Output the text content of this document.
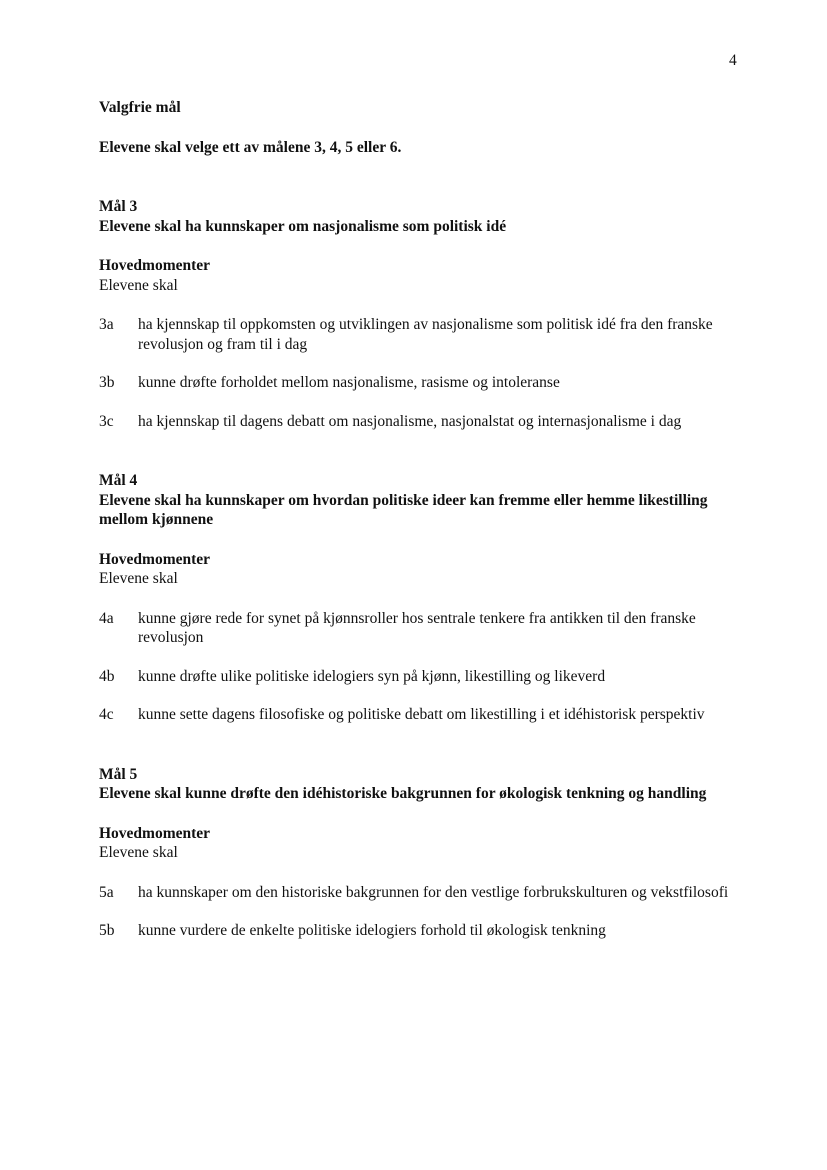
4

Valgfrie mål

Elevene skal velge ett av målene 3, 4, 5 eller 6.

Mål 3

Elevene skal ha kunnskaper om nasjonalisme som politisk idé

Hovedmomenter

Elevene skal

3a	ha kjennskap til oppkomsten og utviklingen av nasjonalisme som politisk idé fra den franske revolusjon og fram til i dag
3b	kunne drøfte forholdet mellom nasjonalisme, rasisme og intoleranse
3c	ha kjennskap til dagens debatt om nasjonalisme, nasjonalstat og internasjonalisme i dag

Mål 4

Elevene skal ha kunnskaper om hvordan politiske ideer kan fremme eller hemme likestilling mellom kjønnene

Hovedmomenter

Elevene skal

4a	kunne gjøre rede for synet på kjønnsroller hos sentrale tenkere fra antikken til den franske revolusjon
4b	kunne drøfte ulike politiske idelogiers syn på kjønn, likestilling og likeverd
4c	kunne sette dagens filosofiske og politiske debatt om likestilling i et idéhistorisk perspektiv

Mål 5

Elevene skal kunne drøfte den idéhistoriske bakgrunnen for økologisk tenkning og handling

Hovedmomenter

Elevene skal

5a	ha kunnskaper om den historiske bakgrunnen for den vestlige forbrukskulturen og vekstfilosofi
5b	kunne vurdere de enkelte politiske idelogiers forhold til økologisk tenkning
